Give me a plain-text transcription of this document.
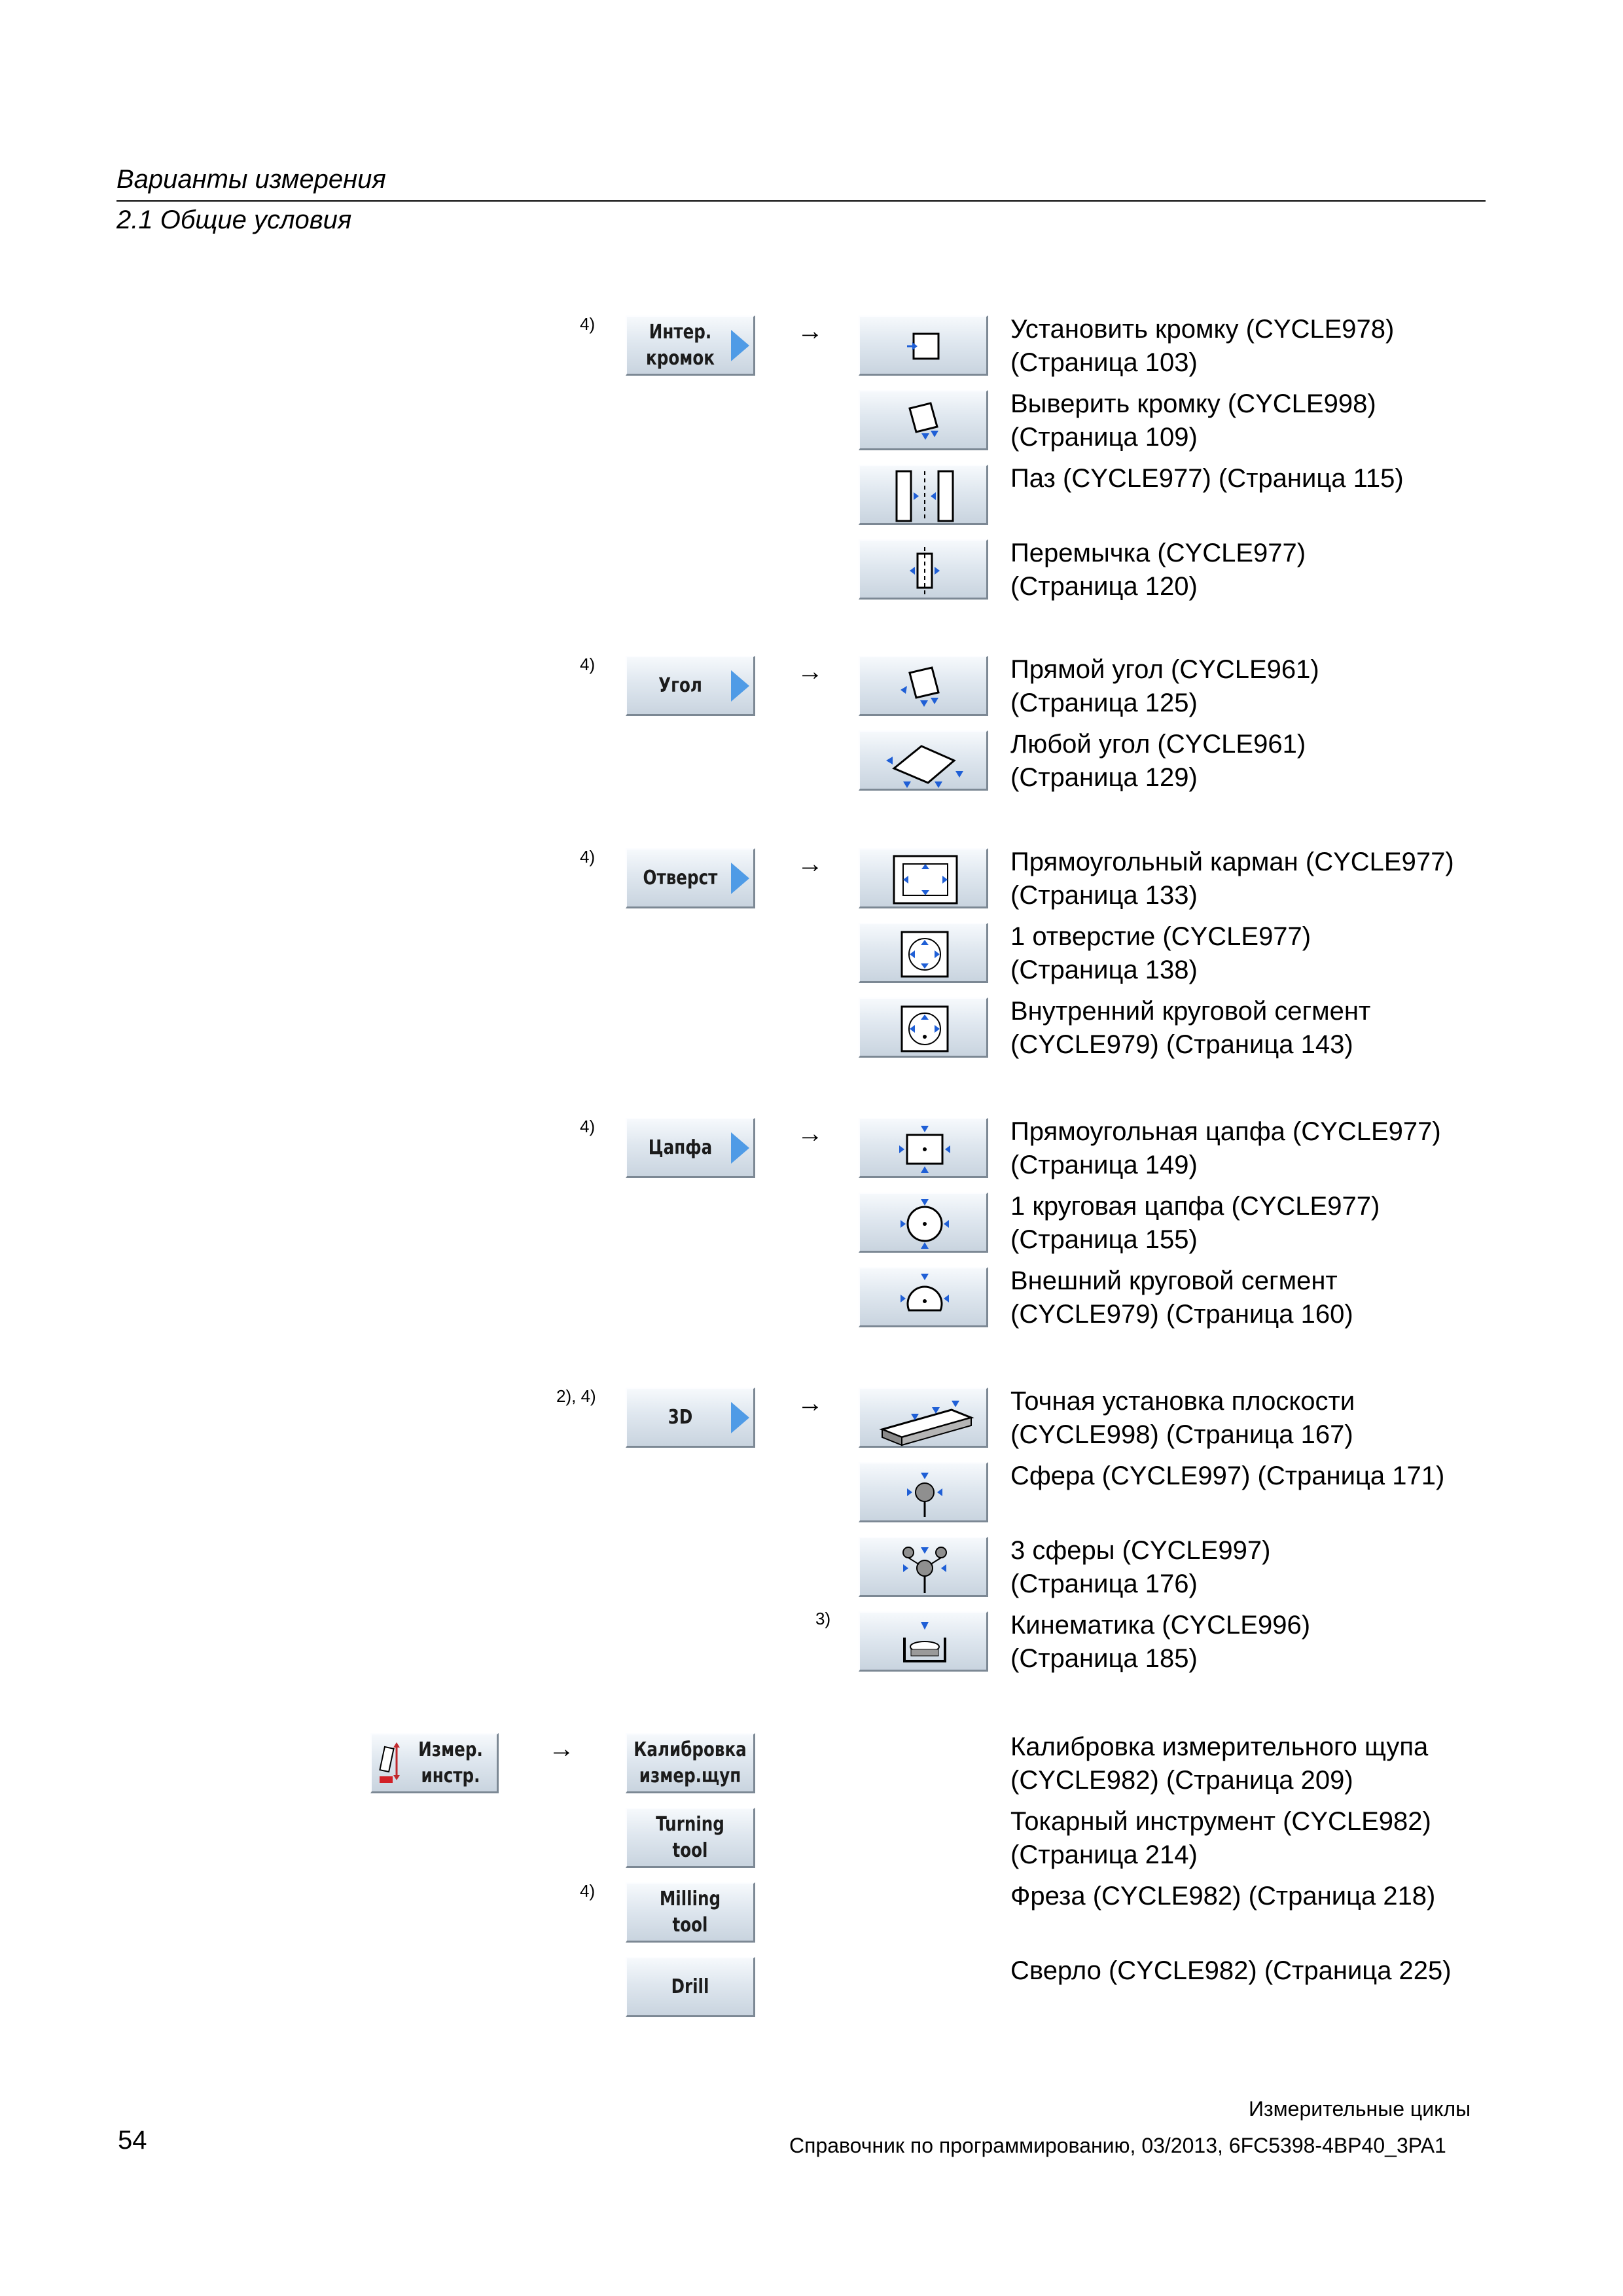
Варианты измерения
2.1 Общие условия
4)	Интер.
кромок
→	Установить кромку (CYCLE978)
(Страница 103)
Выверить кромку (CYCLE998)
(Страница 109)
Паз (CYCLE977) (Страница 115)
Перемычка (CYCLE977)
(Страница 120)
4)
Угол	→	Прямой угол (CYCLE961)
(Страница 125)
Любой угол (CYCLE961)
(Страница 129)
4)
Отверст	→	Прямоугольный карман (CYCLE977)
(Страница 133)
1 отверстие (CYCLE977)
(Страница 138)
Внутренний круговой сегмент
(CYCLE979) (Страница 143)
4)
Цапфа	→	Прямоугольная цапфа (CYCLE977)
(Страница 149)
1 круговая цапфа (CYCLE977)
(Страница 155)
Внешний круговой сегмент
(CYCLE979) (Страница 160)
2), 4)
3D	→	Точная установка плоскости
(CYCLE998) (Страница 167)
Сфера (CYCLE997) (Страница 171)
3 сферы (CYCLE997)
(Страница 176)
3)	Кинематика (CYCLE996)
(Страница 185)
Измер.
инстр.
→	Калибровка
измер.щуп
Калибровка измерительного щупа
(CYCLE982) (Страница 209)
Turning
tool
Токарный инструмент (CYCLE982)
(Страница 214)
4)	Milling
tool
Фреза (CYCLE982) (Страница 218)
Drill
Сверло (CYCLE982) (Страница 225)
Измерительные циклы
54	Справочник по программированию, 03/2013, 6FC5398-4BP40_3PA1
